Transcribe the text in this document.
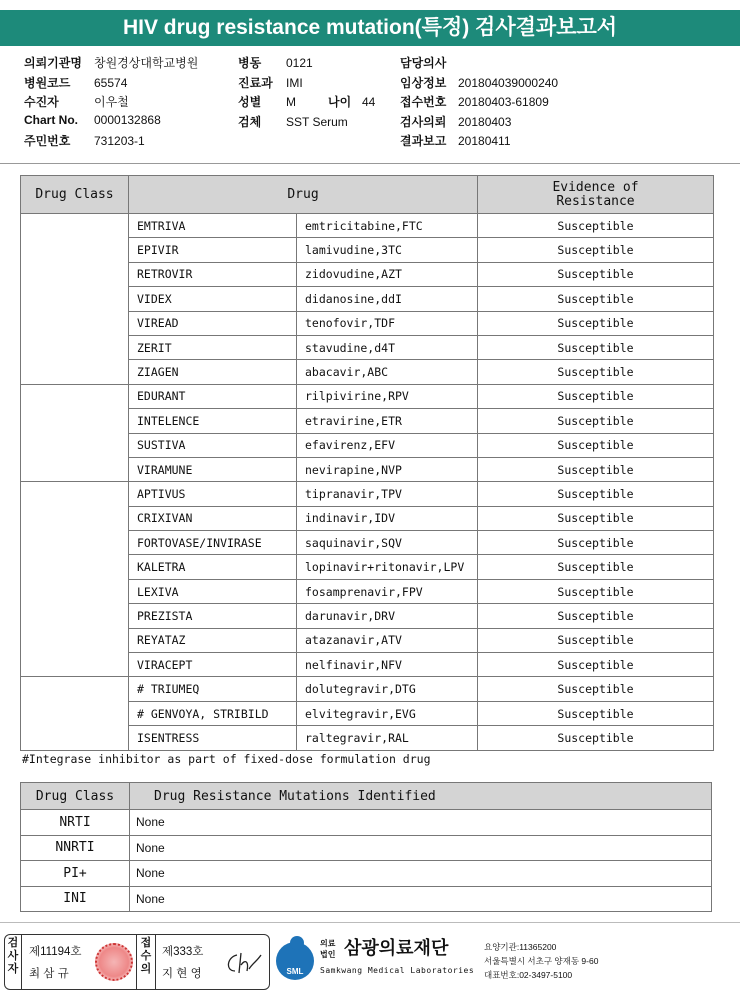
HIV drug resistance mutation(특정) 검사결과보고서
의뢰기관명 창원경상대학교병원
병원코드 65574
수진자	이우철
Chart No. 0000132868
주민번호 731203-1
병동 0121
진료과 IMI
성별 M	나이 44
검체 SST Serum
담당의사
임상정보 201804039000240
접수번호 20180403-61809
검사의뢰 20180403
결과보고 20180411
Drug Class	Drug		Evidence of
Resistance
	EMTRIVA	emtricitabine,FTC	Susceptible
	EPIVIR	lamivudine,3TC	Susceptible
	RETROVIR	zidovudine,AZT	Susceptible
	VIDEX	didanosine,ddI	Susceptible
	VIREAD	tenofovir,TDF	Susceptible
	ZERIT	stavudine,d4T	Susceptible
	ZIAGEN	abacavir,ABC	Susceptible
	EDURANT	rilpivirine,RPV	Susceptible
	INTELENCE	etravirine,ETR	Susceptible
	SUSTIVA	efavirenz,EFV	Susceptible
	VIRAMUNE	nevirapine,NVP	Susceptible
	APTIVUS	tipranavir,TPV	Susceptible
	CRIXIVAN	indinavir,IDV	Susceptible
	FORTOVASE/INVIRASE	saquinavir,SQV	Susceptible
	KALETRA	lopinavir+ritonavir,LPV	Susceptible
	LEXIVA	fosamprenavir,FPV	Susceptible
	PREZISTA	darunavir,DRV	Susceptible
	REYATAZ	atazanavir,ATV	Susceptible
	VIRACEPT	nelfinavir,NFV	Susceptible
	# TRIUMEQ	dolutegravir,DTG	Susceptible
	# GENVOYA, STRIBILD	elvitegravir,EVG	Susceptible
	ISENTRESS	raltegravir,RAL	Susceptible
#Integrase inhibitor as part of fixed-dose formulation drug
Drug Class	Drug Resistance Mutations Identified
NRTI	None
NNRTI	None
PI+	None
INI	None
검사자
제11194호
최 삼 규
접수의
제333호
지 현 영	SML
의료
법인 삼광의료재단
Samkwang Medical Laboratories
요양기관:11365200
서울특별시 서초구 양재동 9-60
대표번호:02-3497-5100
